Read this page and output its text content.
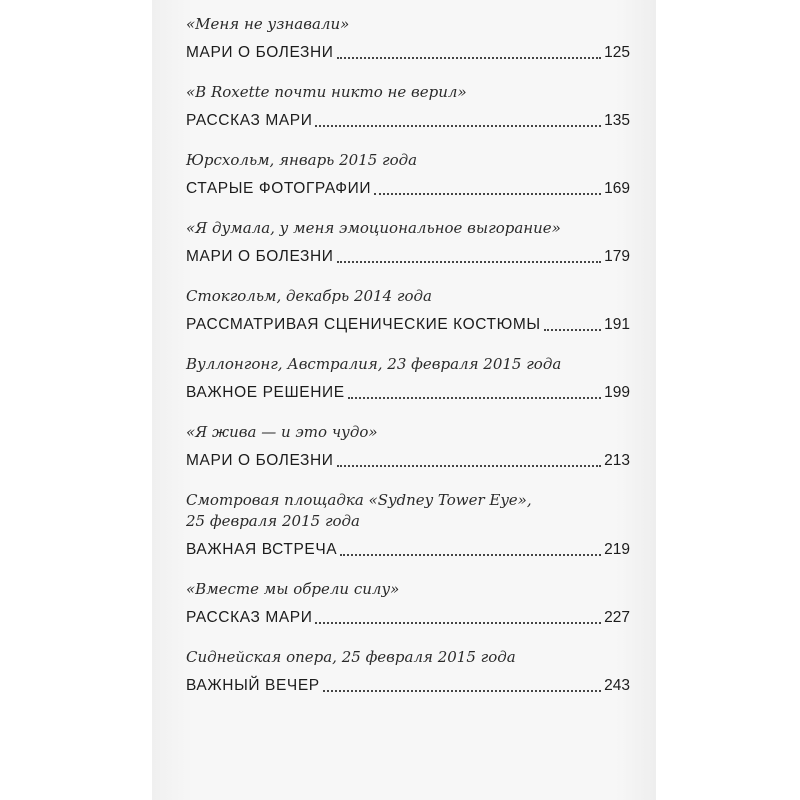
«Меня не узнавали»
МАРИ О БОЛЕЗНИ	125
«В Roxette почти никто не верил»
РАССКАЗ МАРИ	135
Юрсхольм, январь 2015 года
СТАРЫЕ ФОТОГРАФИИ	169
«Я думала, у меня эмоциональное выгорание»
МАРИ О БОЛЕЗНИ	179
Стокгольм, декабрь 2014 года
РАССМАТРИВАЯ СЦЕНИЧЕСКИЕ КОСТЮМЫ	191
Вуллонгонг, Австралия, 23 февраля 2015 года
ВАЖНОЕ РЕШЕНИЕ	199
«Я жива — и это чудо»
МАРИ О БОЛЕЗНИ	213
Смотровая площадка «Sydney Tower Eye»,
25 февраля 2015 года
ВАЖНАЯ ВСТРЕЧА	219
«Вместе мы обрели силу»
РАССКАЗ МАРИ	227
Сиднейская опера, 25 февраля 2015 года
ВАЖНЫЙ ВЕЧЕР	243
